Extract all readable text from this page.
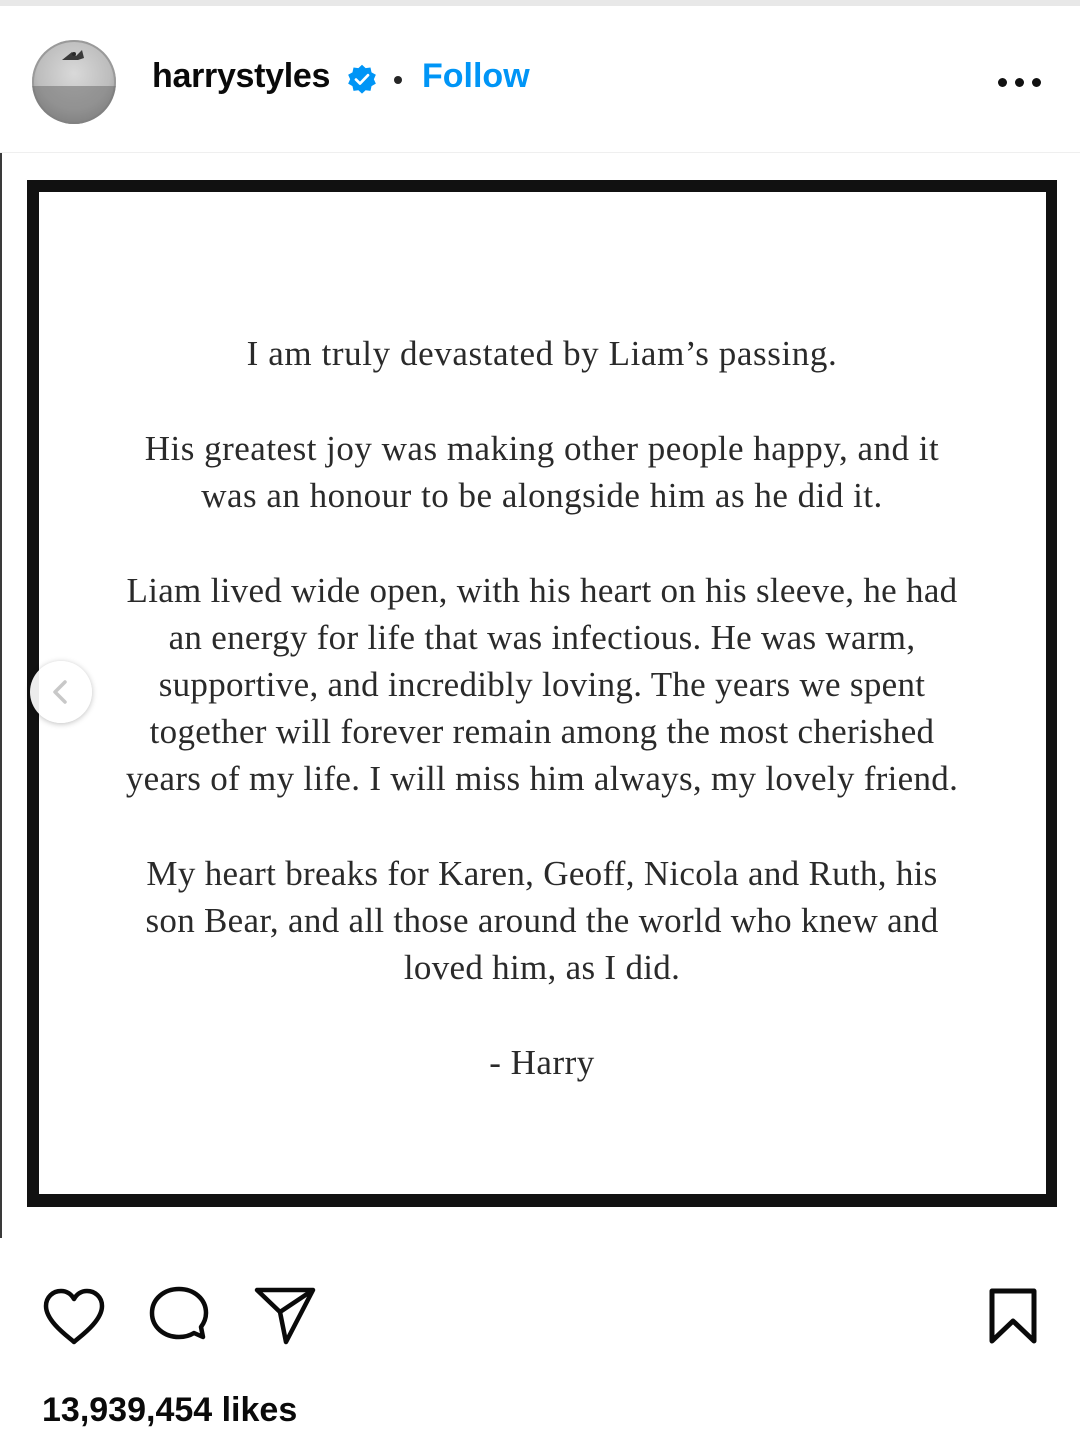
harrystyles	Follow

I am truly devastated by Liam’s passing.

His greatest joy was making other people happy, and it
was an honour to be alongside him as he did it.

Liam lived wide open, with his heart on his sleeve, he had
an energy for life that was infectious. He was warm,
supportive, and incredibly loving. The years we spent
together will forever remain among the most cherished
years of my life. I will miss him always, my lovely friend.

My heart breaks for Karen, Geoff, Nicola and Ruth, his
son Bear, and all those around the world who knew and
loved him, as I did.

- Harry

13,939,454 likes
